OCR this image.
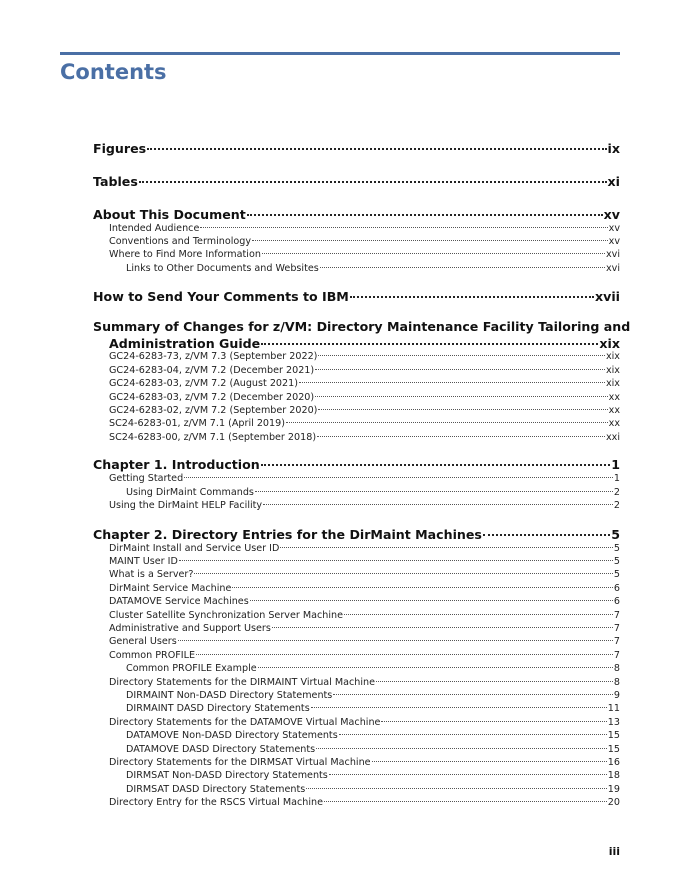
Contents
Figures	ix
Tables	xi
About This Document	xv
Intended Audience	xv
Conventions and Terminology	xv
Where to Find More Information	xvi
Links to Other Documents and Websites	xvi
How to Send Your Comments to IBM	xvii
Summary of Changes for z/VM: Directory Maintenance Facility Tailoring and
Administration Guide	xix
GC24-6283-73, z/VM 7.3 (September 2022)	xix
GC24-6283-04, z/VM 7.2 (December 2021)	xix
GC24-6283-03, z/VM 7.2 (August 2021)	xix
GC24-6283-03, z/VM 7.2 (December 2020)	xx
GC24-6283-02, z/VM 7.2 (September 2020)	xx
SC24-6283-01, z/VM 7.1 (April 2019)	xx
SC24-6283-00, z/VM 7.1 (September 2018)	xxi
Chapter 1. Introduction	1
Getting Started	1
Using DirMaint Commands	2
Using the DirMaint HELP Facility	2
Chapter 2. Directory Entries for the DirMaint Machines	5
DirMaint Install and Service User ID	5
MAINT User ID	5
What is a Server?	5
DirMaint Service Machine	6
DATAMOVE Service Machines	6
Cluster Satellite Synchronization Server Machine	7
Administrative and Support Users	7
General Users	7
Common PROFILE	7
Common PROFILE Example	8
Directory Statements for the DIRMAINT Virtual Machine	8
DIRMAINT Non-DASD Directory Statements	9
DIRMAINT DASD Directory Statements	11
Directory Statements for the DATAMOVE Virtual Machine	13
DATAMOVE Non-DASD Directory Statements	15
DATAMOVE DASD Directory Statements	15
Directory Statements for the DIRMSAT Virtual Machine	16
DIRMSAT Non-DASD Directory Statements	18
DIRMSAT DASD Directory Statements	19
Directory Entry for the RSCS Virtual Machine	20
iii
